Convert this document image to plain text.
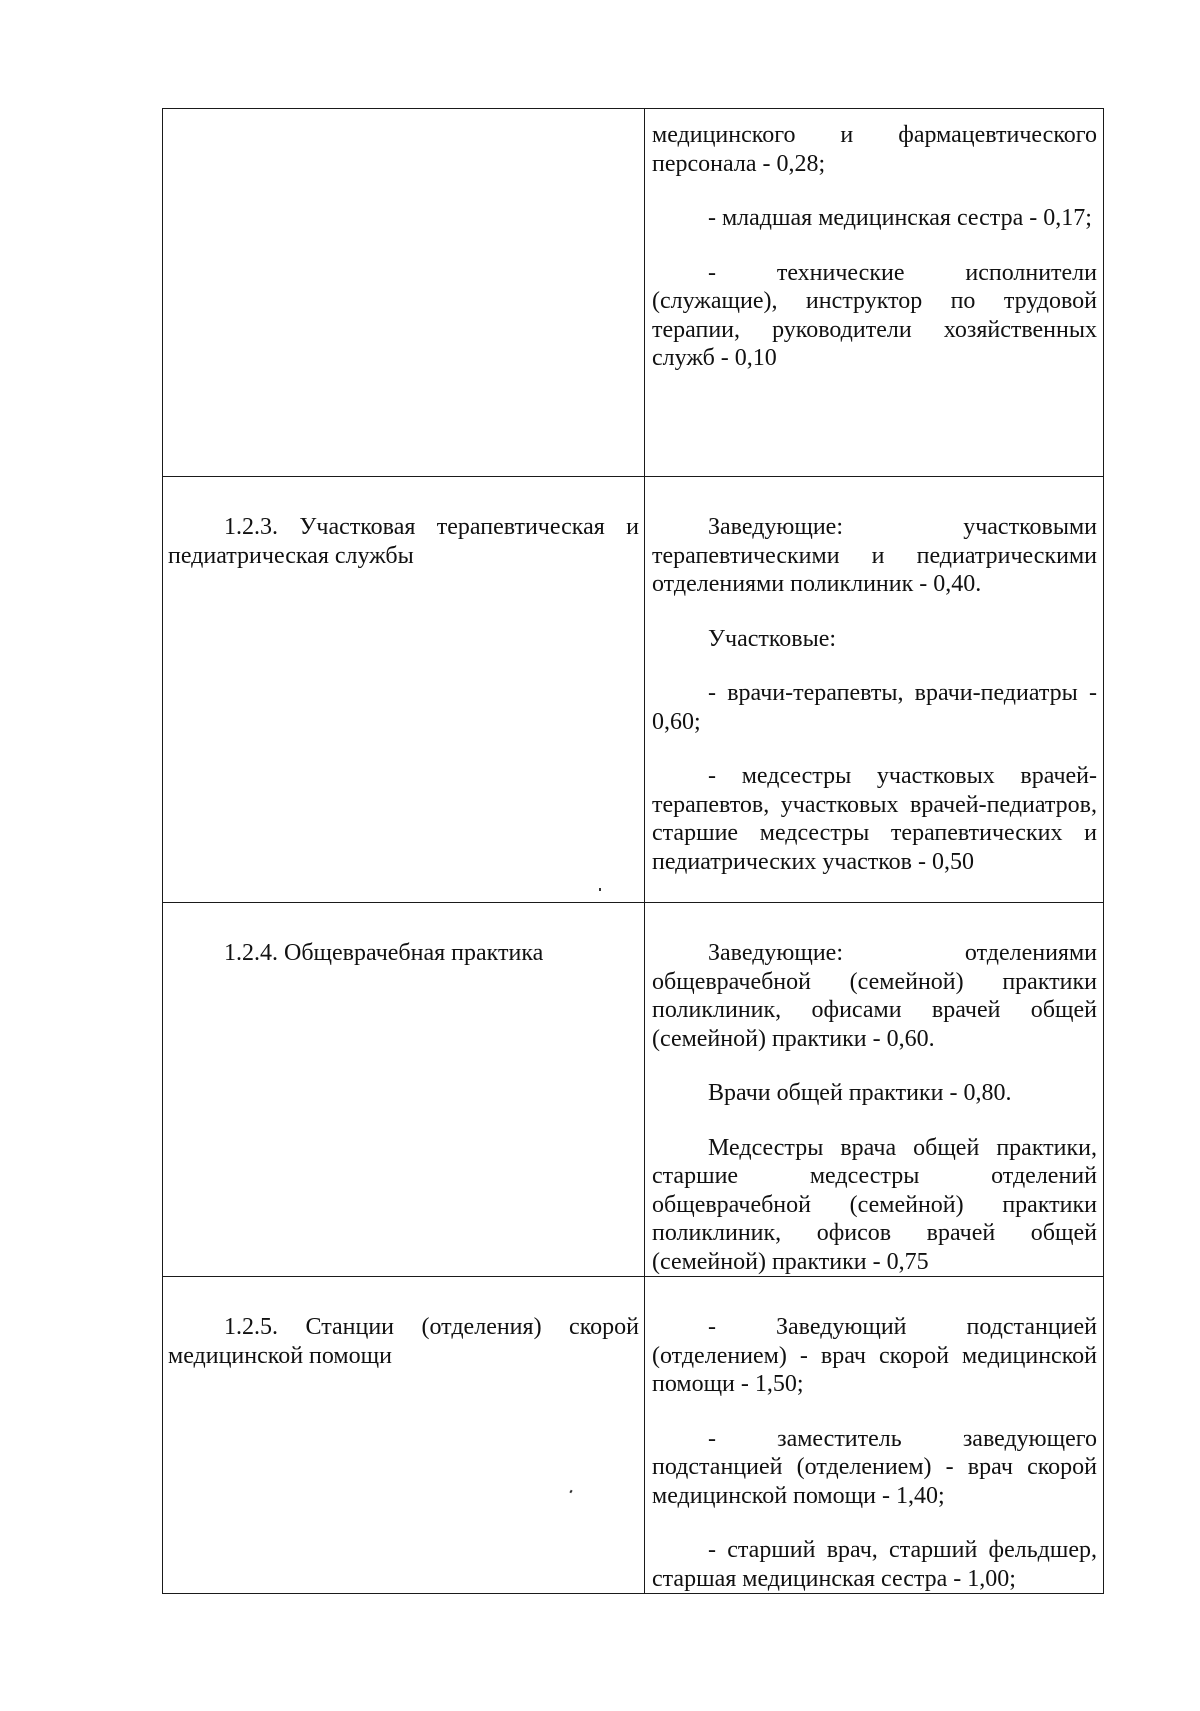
	медицинского и фармацевтического персонала - 0,28;

- младшая медицинская сестра - 0,17;

- технические исполнители (служащие), инструктор по трудовой терапии, руководители хозяйственных служб - 0,10

1.2.3. Участковая терапевтическая и педиатрическая службы	Заведующие: участковыми терапевтическими и педиатрическими отделениями поликлиник - 0,40.

Участковые:

- врачи-терапевты, врачи-педиатры - 0,60;

- медсестры участковых врачей-терапевтов, участковых врачей-педиатров, старшие медсестры терапевтических и педиатрических участков - 0,50

1.2.4. Общеврачебная практика	Заведующие: отделениями общеврачебной (семейной) практики поликлиник, офисами врачей общей (семейной) практики - 0,60.

Врачи общей практики - 0,80.

Медсестры врача общей практики, старшие медсестры отделений общеврачебной (семейной) практики поликлиник, офисов врачей общей (семейной) практики - 0,75

1.2.5. Станции (отделения) скорой медицинской помощи	- Заведующий подстанцией (отделением) - врач скорой медицинской помощи - 1,50;

- заместитель заведующего подстанцией (отделением) - врач скорой медицинской помощи - 1,40;

- старший врач, старший фельдшер, старшая медицинская сестра - 1,00;
